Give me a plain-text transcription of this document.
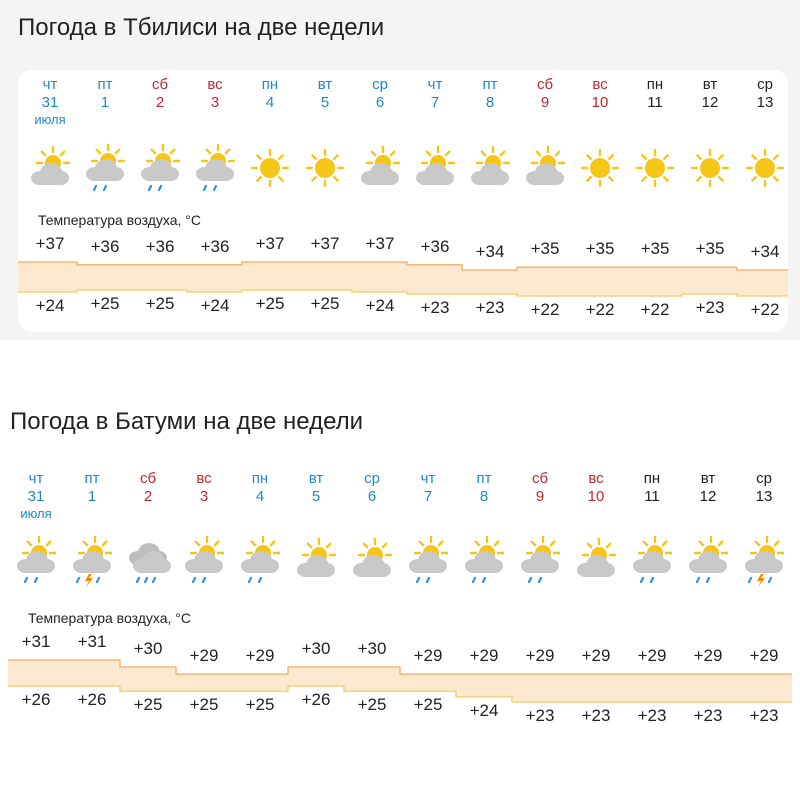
Погода в Тбилиси на две недели
Температура воздуха, °C
чт
31
июля
+37
+24
пт
1
+36
+25
сб
2
+36
+25
вс
3
+36
+24
пн
4
+37
+25
вт
5
+37
+25
ср
6
+37
+24
чт
7
+36
+23
пт
8
+34
+23
сб
9
+35
+22
вс
10
+35
+22
пн
11
+35
+22
вт
12
+35
+23
ср
13
+34
+22
Погода в Батуми на две недели
Температура воздуха, °C
чт
31
июля
+31
+26
пт
1
+31
+26
сб
2
+30
+25
вс
3
+29
+25
пн
4
+29
+25
вт
5
+30
+26
ср
6
+30
+25
чт
7
+29
+25
пт
8
+29
+24
сб
9
+29
+23
вс
10
+29
+23
пн
11
+29
+23
вт
12
+29
+23
ср
13
+29
+23
